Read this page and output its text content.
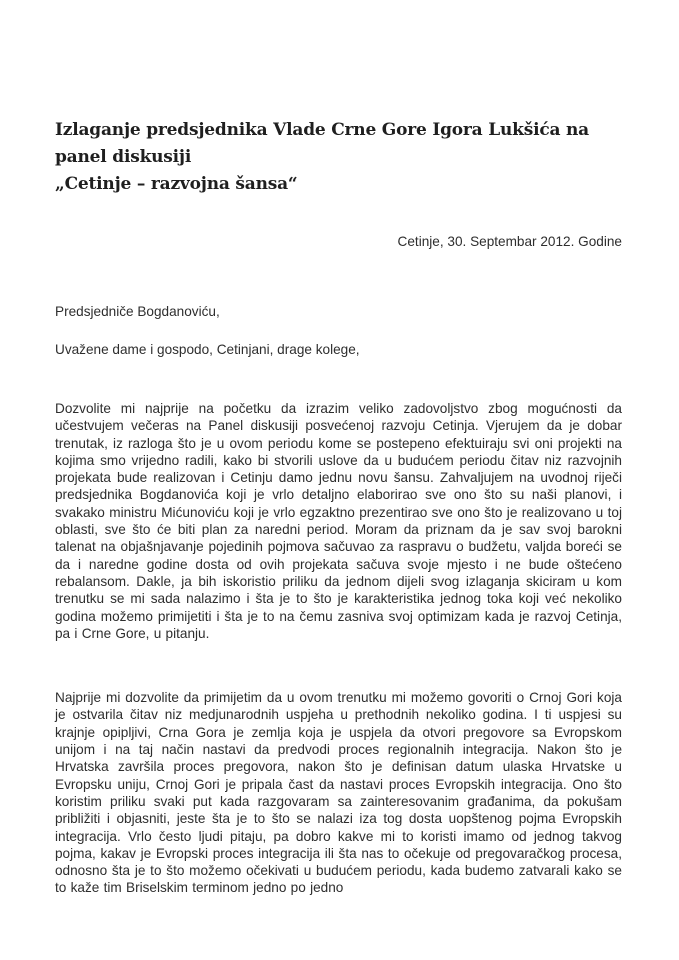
Izlaganje predsjednika Vlade Crne Gore Igora Lukšića na panel diskusiji
„Cetinje – razvojna šansa“
Cetinje, 30. Septembar 2012. Godine

Predsjedniče Bogdanoviću,

Uvažene dame i gospodo, Cetinjani, drage kolege,

Dozvolite mi najprije na početku da izrazim veliko zadovoljstvo zbog mogućnosti da učestvujem večeras na Panel diskusiji posvećenoj razvoju Cetinja. Vjerujem da je dobar trenutak, iz razloga što je u ovom periodu kome se postepeno efektuiraju svi oni projekti na kojima smo vrijedno radili, kako bi stvorili uslove da u budućem periodu čitav niz razvojnih projekata bude realizovan i Cetinju damo jednu novu šansu. Zahvaljujem na uvodnoj riječi predsjednika Bogdanovića koji je vrlo detaljno elaborirao sve ono što su naši planovi, i svakako ministru Mićunoviću koji je vrlo egzaktno prezentirao sve ono što je realizovano u toj oblasti, sve što će biti plan za naredni period. Moram da priznam da je sav svoj barokni talenat na objašnjavanje pojedinih pojmova sačuvao za raspravu o budžetu, valjda boreći se da i naredne godine dosta od ovih projekata sačuva svoje mjesto i ne bude oštećeno rebalansom. Dakle, ja bih iskoristio priliku da jednom dijeli svog izlaganja skiciram u kom trenutku se mi sada nalazimo i šta je to što je karakteristika jednog toka koji već nekoliko godina možemo primijetiti i šta je to na čemu zasniva svoj optimizam kada je razvoj Cetinja, pa i Crne Gore, u pitanju.

Najprije mi dozvolite da primijetim da u ovom trenutku mi možemo govoriti o Crnoj Gori koja je ostvarila čitav niz medjunarodnih uspjeha u prethodnih nekoliko godina. I ti uspjesi su krajnje opipljivi, Crna Gora je zemlja koja je uspjela da otvori pregovore sa Evropskom unijom i na taj način nastavi da predvodi proces regionalnih integracija. Nakon što je Hrvatska završila proces pregovora, nakon što je definisan datum ulaska Hrvatske u Evropsku uniju, Crnoj Gori je pripala čast da nastavi proces Evropskih integracija. Ono što koristim priliku svaki put kada razgovaram sa zainteresovanim građanima, da pokušam približiti i objasniti, jeste šta je to što se nalazi iza tog dosta uopštenog pojma Evropskih integracija. Vrlo često ljudi pitaju, pa dobro kakve mi to koristi imamo od jednog takvog pojma, kakav je Evropski proces integracija ili šta nas to očekuje od pregovaračkog procesa, odnosno šta je to što možemo očekivati u budućem periodu, kada budemo zatvarali kako se to kaže tim Briselskim terminom jedno po jedno
